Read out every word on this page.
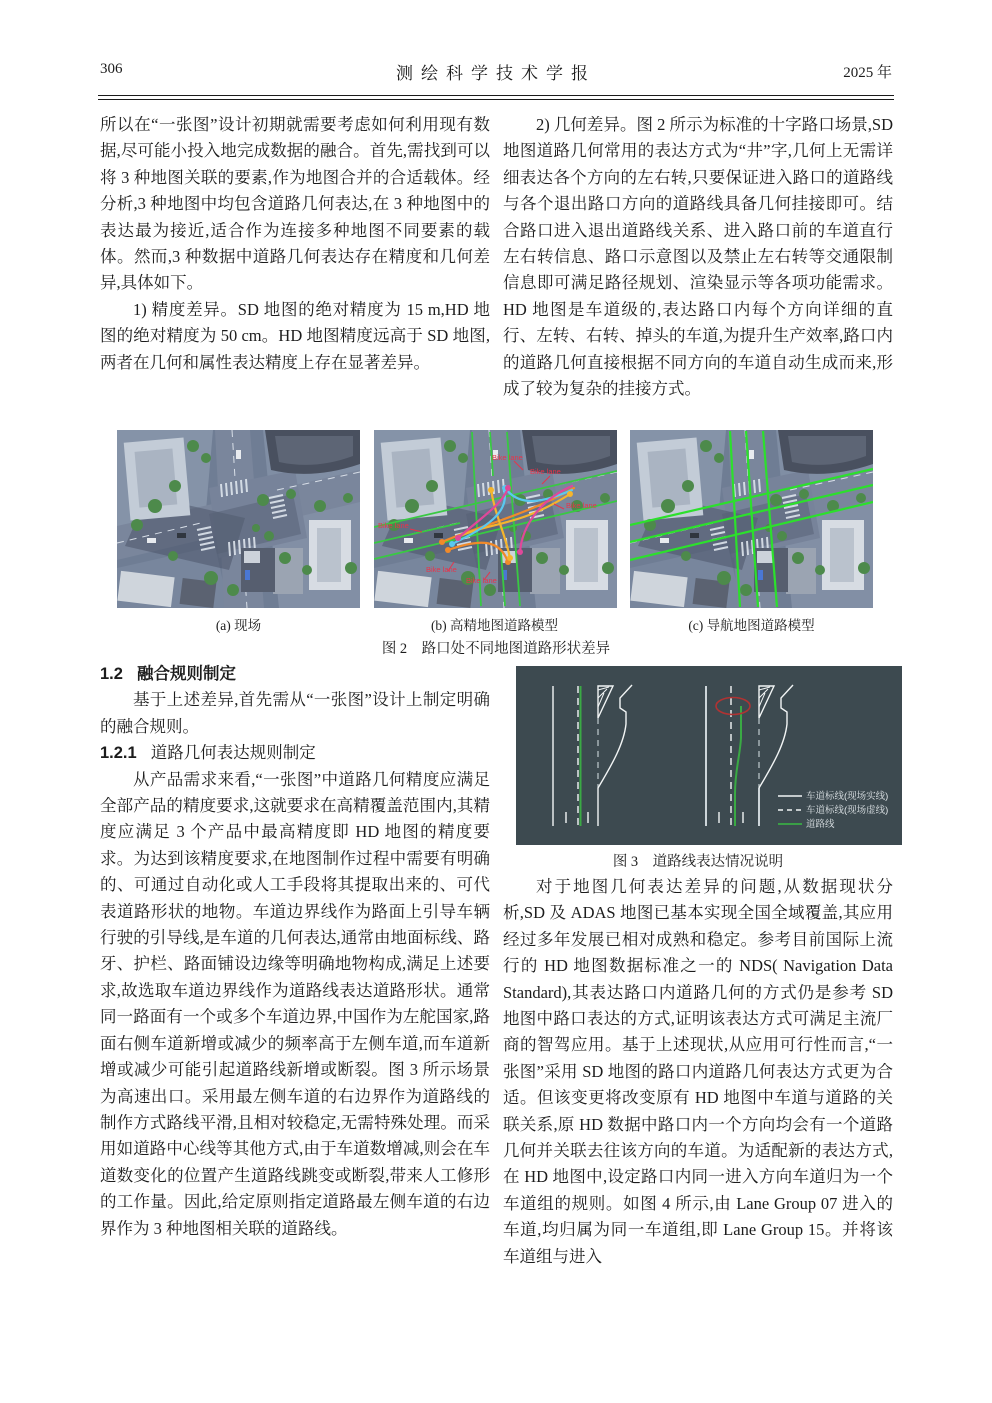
306	测绘科学技术学报	2025 年

所以在“一张图”设计初期就需要考虑如何利用现有数据,尽可能小投入地完成数据的融合。首先,需找到可以将 3 种地图关联的要素,作为地图合并的合适载体。经分析,3 种地图中均包含道路几何表达,在 3 种地图中的表达最为接近,适合作为连接多种地图不同要素的载体。然而,3 种数据中道路几何表达存在精度和几何差异,具体如下。

1) 精度差异。SD 地图的绝对精度为 15 m,HD 地图的绝对精度为 50 cm。HD 地图精度远高于 SD 地图,两者在几何和属性表达精度上存在显著差异。

2) 几何差异。图 2 所示为标准的十字路口场景,SD 地图道路几何常用的表达方式为“井”字,几何上无需详细表达各个方向的左右转,只要保证进入路口的道路线与各个退出路口方向的道路线具备几何挂接即可。结合路口进入退出道路线关系、进入路口前的车道直行左右转信息、路口示意图以及禁止左右转等交通限制信息即可满足路径规划、渲染显示等各项功能需求。HD 地图是车道级的,表达路口内每个方向详细的直行、左转、右转、掉头的车道,为提升生产效率,路口内的道路几何直接根据不同方向的车道自动生成而来,形成了较为复杂的挂接方式。

Bike lane
Bike lane
Bike lane
Bike lane
Bike lane
Bike lane
(a) 现场	(b) 高精地图道路模型	(c) 导航地图道路模型
图 2　路口处不同地图道路形状差异
1.2 融合规则制定

基于上述差异,首先需从“一张图”设计上制定明确的融合规则。

1.2.1 道路几何表达规则制定

从产品需求来看,“一张图”中道路几何精度应满足全部产品的精度要求,这就要求在高精覆盖范围内,其精度应满足 3 个产品中最高精度即 HD 地图的精度要求。为达到该精度要求,在地图制作过程中需要有明确的、可通过自动化或人工手段将其提取出来的、可代表道路形状的地物。车道边界线作为路面上引导车辆行驶的引导线,是车道的几何表达,通常由地面标线、路牙、护栏、路面铺设边缘等明确地物构成,满足上述要求,故选取车道边界线作为道路线表达道路形状。通常同一路面有一个或多个车道边界,中国作为左舵国家,路面右侧车道新增或减少的频率高于左侧车道,而车道新增或减少可能引起道路线新增或断裂。图 3 所示场景为高速出口。采用最左侧车道的右边界作为道路线的制作方式路线平滑,且相对较稳定,无需特殊处理。而采用如道路中心线等其他方式,由于车道数增减,则会在车道数变化的位置产生道路线跳变或断裂,带来人工修形的工作量。因此,给定原则指定道路最左侧车道的右边界作为 3 种地图相关联的道路线。

车道标线(现场实线)
车道标线(现场虚线)
道路线
图 3　道路线表达情况说明

对于地图几何表达差异的问题,从数据现状分析,SD 及 ADAS 地图已基本实现全国全域覆盖,其应用经过多年发展已相对成熟和稳定。参考目前国际上流行的 HD 地图数据标准之一的 NDS( Navigation Data Standard),其表达路口内道路几何的方式仍是参考 SD 地图中路口表达的方式,证明该表达方式可满足主流厂商的智驾应用。基于上述现状,从应用可行性而言,“一张图”采用 SD 地图的路口内道路几何表达方式更为合适。但该变更将改变原有 HD 地图中车道与道路的关联关系,原 HD 数据中路口内一个方向均会有一个道路几何并关联去往该方向的车道。为适配新的表达方式,在 HD 地图中,设定路口内同一进入方向车道归为一个车道组的规则。如图 4 所示,由 Lane Group 07 进入的车道,均归属为同一车道组,即 Lane Group 15。并将该车道组与进入
